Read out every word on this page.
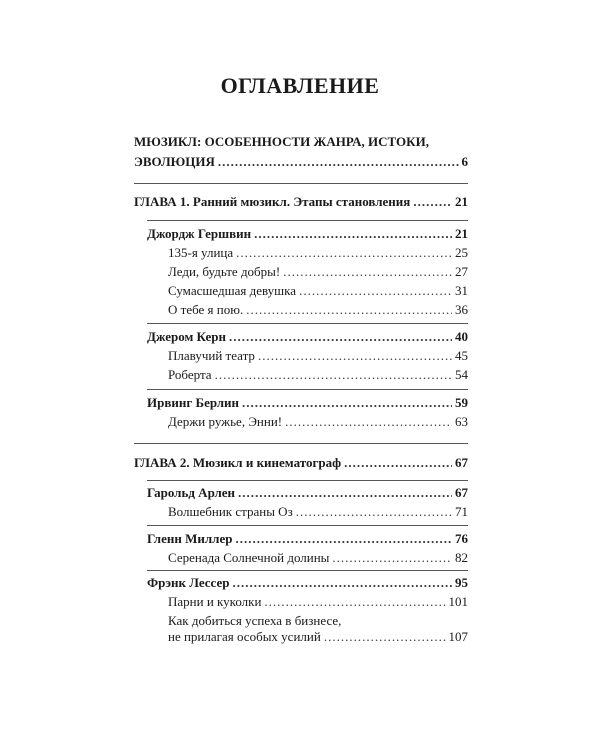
ОГЛАВЛЕНИЕ
МЮЗИКЛ: ОСОБЕННОСТИ ЖАНРА, ИСТОКИ,
ЭВОЛЮЦИЯ .....	6
ГЛАВА 1. Ранний мюзикл. Этапы становления .....	21
Джордж Гершвин .....	21
135-я улица .....	25
Леди, будьте добры! .....	27
Сумасшедшая девушка .....	31
О тебе я пою. .....	36
Джером Керн .....	40
Плавучий театр .....	45
Роберта .....	54
Ирвинг Берлин .....	59
Держи ружье, Энни! .....	63
ГЛАВА 2. Мюзикл и кинематограф .....	67
Гарольд Арлен .....	67
Волшебник страны Оз .....	71
Гленн Миллер .....	76
Серенада Солнечной долины .....	82
Фрэнк Лессер .....	95
Парни и куколки .....	101
Как добиться успеха в бизнесе,
не прилагая особых усилий .....	107
